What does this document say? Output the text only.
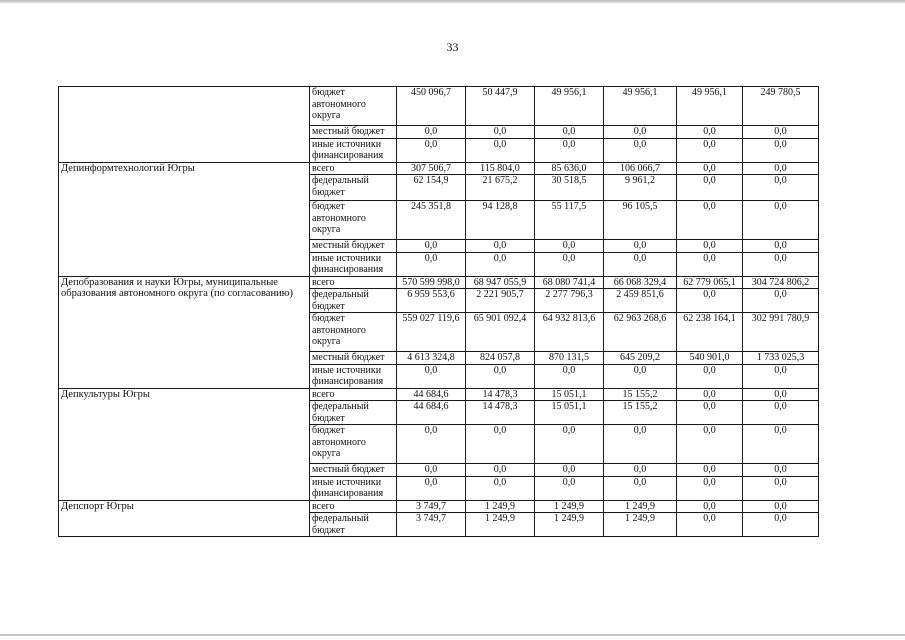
33
	бюджет автономного округа	450 096,7	50 447,9	49 956,1	49 956,1	49 956,1	249 780,5
	местный бюджет	0,0	0,0	0,0	0,0	0,0	0,0
	иные источники финансирования	0,0	0,0	0,0	0,0	0,0	0,0
Депинформтехнологий Югры	всего	307 506,7	115 804,0	85 636,0	106 066,7	0,0	0,0
	федеральный бюджет	62 154,9	21 675,2	30 518,5	9 961,2	0,0	0,0
	бюджет автономного округа	245 351,8	94 128,8	55 117,5	96 105,5	0,0	0,0
	местный бюджет	0,0	0,0	0,0	0,0	0,0	0,0
	иные источники финансирования	0,0	0,0	0,0	0,0	0,0	0,0
Депобразования и науки Югры, муниципальные образования автономного округа (по согласованию)	всего	570 599 998,0	68 947 055,9	68 080 741,4	66 068 329,4	62 779 065,1	304 724 806,2
	федеральный бюджет	6 959 553,6	2 221 905,7	2 277 796,3	2 459 851,6	0,0	0,0
	бюджет автономного округа	559 027 119,6	65 901 092,4	64 932 813,6	62 963 268,6	62 238 164,1	302 991 780,9
	местный бюджет	4 613 324,8	824 057,8	870 131,5	645 209,2	540 901,0	1 733 025,3
	иные источники финансирования	0,0	0,0	0,0	0,0	0,0	0,0
Депкультуры Югры	всего	44 684,6	14 478,3	15 051,1	15 155,2	0,0	0,0
	федеральный бюджет	44 684,6	14 478,3	15 051,1	15 155,2	0,0	0,0
	бюджет автономного округа	0,0	0,0	0,0	0,0	0,0	0,0
	местный бюджет	0,0	0,0	0,0	0,0	0,0	0,0
	иные источники финансирования	0,0	0,0	0,0	0,0	0,0	0,0
Депспорт Югры	всего	3 749,7	1 249,9	1 249,9	1 249,9	0,0	0,0
	федеральный бюджет	3 749,7	1 249,9	1 249,9	1 249,9	0,0	0,0
